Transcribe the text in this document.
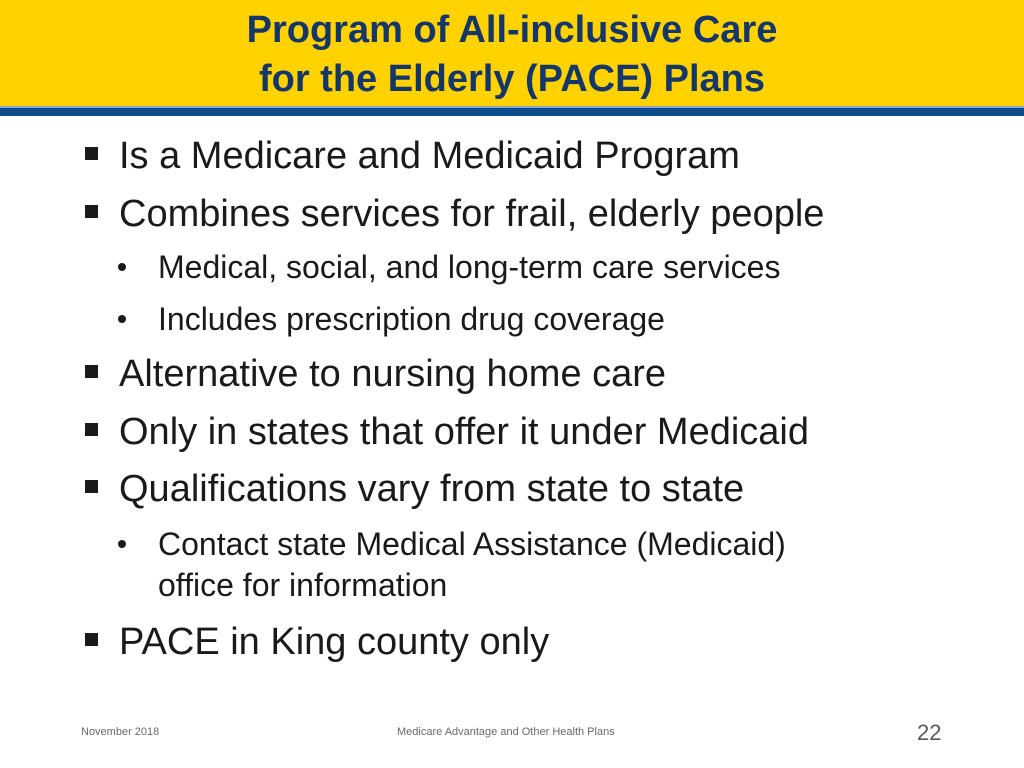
Program of All-inclusive Care
for the Elderly (PACE) Plans
Is a Medicare and Medicaid Program
Combines services for frail, elderly people
Medical, social, and long-term care services
Includes prescription drug coverage
Alternative to nursing home care
Only in states that offer it under Medicaid
Qualifications vary from state to state
Contact state Medical Assistance (Medicaid)
office for information
PACE in King county only
November 2018	Medicare Advantage and Other Health Plans	22
